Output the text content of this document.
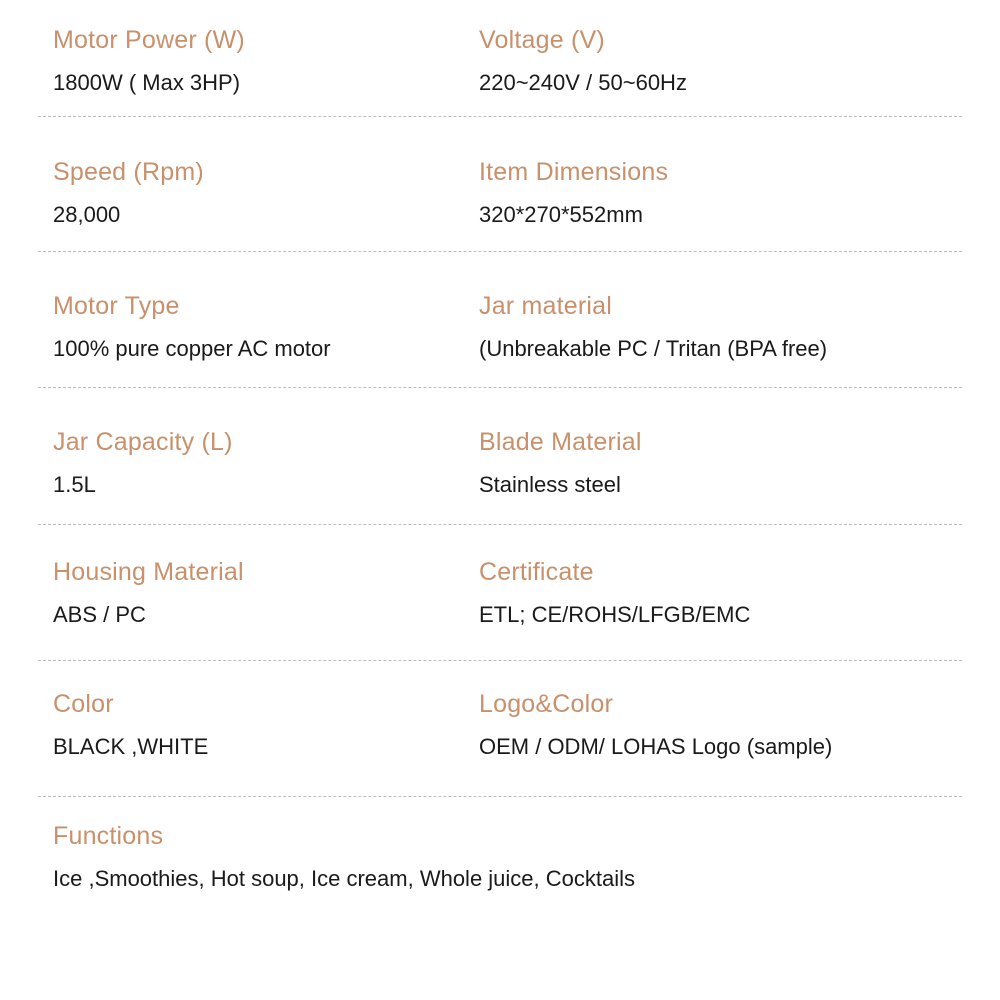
Motor Power (W)
1800W ( Max 3HP)
Voltage (V)
220~240V / 50~60Hz
Speed (Rpm)
28,000
Item Dimensions
320*270*552mm
Motor Type
100% pure copper AC motor
Jar material
(Unbreakable PC / Tritan (BPA free)
Jar Capacity (L)
1.5L
Blade Material
Stainless steel
Housing Material
ABS / PC
Certificate
ETL; CE/ROHS/LFGB/EMC
Color
BLACK ,WHITE
Logo&Color
OEM / ODM/ LOHAS Logo (sample)
Functions
Ice ,Smoothies, Hot soup, Ice cream, Whole juice, Cocktails
